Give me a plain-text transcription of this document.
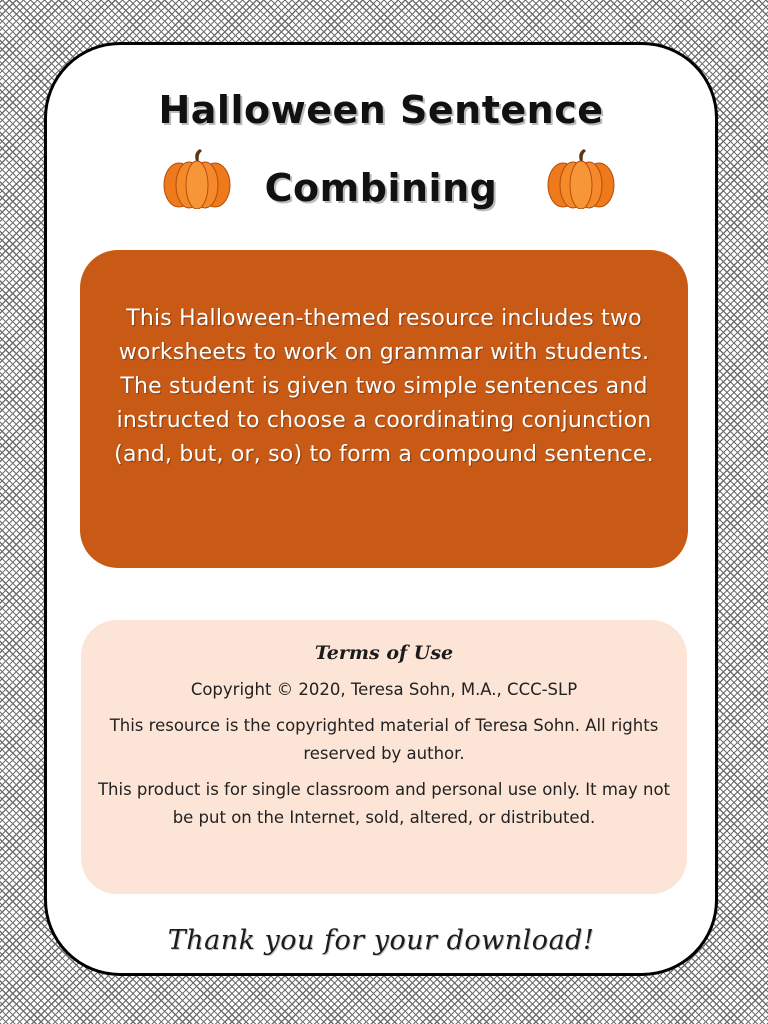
Halloween Sentence
Combining
This Halloween-themed resource includes two worksheets to work on grammar with students. The student is given two simple sentences and instructed to choose a coordinating conjunction (and, but, or, so) to form a compound sentence.
Terms of Use

Copyright © 2020, Teresa Sohn, M.A., CCC-SLP

This resource is the copyrighted material of Teresa Sohn. All rights reserved by author.

This product is for single classroom and personal use only. It may not be put on the Internet, sold, altered, or distributed.

Thank you for your download!
